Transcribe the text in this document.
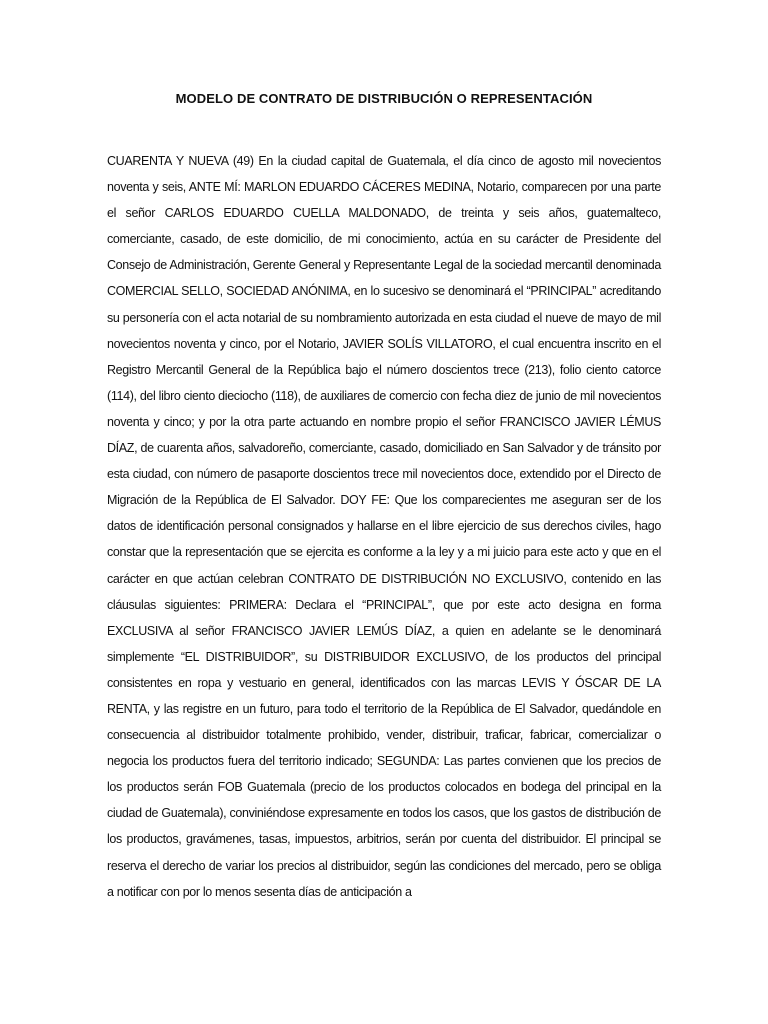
MODELO DE CONTRATO DE DISTRIBUCIÓN O REPRESENTACIÓN

CUARENTA Y NUEVA (49) En la ciudad capital de Guatemala, el día cinco de agosto mil novecientos noventa y seis, ANTE MÍ: MARLON EDUARDO CÁCERES MEDINA, Notario, comparecen por una parte el señor CARLOS EDUARDO CUELLA MALDONADO, de treinta y seis años, guatemalteco, comerciante, casado, de este domicilio, de mi conocimiento, actúa en su carácter de Presidente del Consejo de Administración, Gerente General y Representante Legal de la sociedad mercantil denominada COMERCIAL SELLO, SOCIEDAD ANÓNIMA, en lo sucesivo se denominará el “PRINCIPAL” acreditando su personería con el acta notarial de su nombramiento autorizada en esta ciudad el nueve de mayo de mil novecientos noventa y cinco, por el Notario, JAVIER SOLÍS VILLATORO, el cual encuentra inscrito en el Registro Mercantil General de la República bajo el número doscientos trece (213), folio ciento catorce (114), del libro ciento dieciocho (118), de auxiliares de comercio con fecha diez de junio de mil novecientos noventa y cinco; y por la otra parte actuando en nombre propio el señor FRANCISCO JAVIER LÉMUS DÍAZ, de cuarenta años, salvadoreño, comerciante, casado, domiciliado en San Salvador y de tránsito por esta ciudad, con número de pasaporte doscientos trece mil novecientos doce, extendido por el Directo de Migración de la República de El Salvador. DOY FE: Que los comparecientes me aseguran ser de los datos de identificación personal consignados y hallarse en el libre ejercicio de sus derechos civiles, hago constar que la representación que se ejercita es conforme a la ley y a mi juicio para este acto y que en el carácter en que actúan celebran CONTRATO DE DISTRIBUCIÓN NO EXCLUSIVO, contenido en las cláusulas siguientes: PRIMERA: Declara el “PRINCIPAL”, que por este acto designa en forma EXCLUSIVA al señor FRANCISCO JAVIER LEMÚS DÍAZ, a quien en adelante se le denominará simplemente “EL DISTRIBUIDOR”, su DISTRIBUIDOR EXCLUSIVO, de los productos del principal consistentes en ropa y vestuario en general, identificados con las marcas LEVIS Y ÓSCAR DE LA RENTA, y las registre en un futuro, para todo el territorio de la República de El Salvador, quedándole en consecuencia al distribuidor totalmente prohibido, vender, distribuir, traficar, fabricar, comercializar o negocia los productos fuera del territorio indicado; SEGUNDA: Las partes convienen que los precios de los productos serán FOB Guatemala (precio de los productos colocados en bodega del principal en la ciudad de Guatemala), conviniéndose expresamente en todos los casos, que los gastos de distribución de los productos, gravámenes, tasas, impuestos, arbitrios, serán por cuenta del distribuidor. El principal se reserva el derecho de variar los precios al distribuidor, según las condiciones del mercado, pero se obliga a notificar con por lo menos sesenta días de anticipación a
